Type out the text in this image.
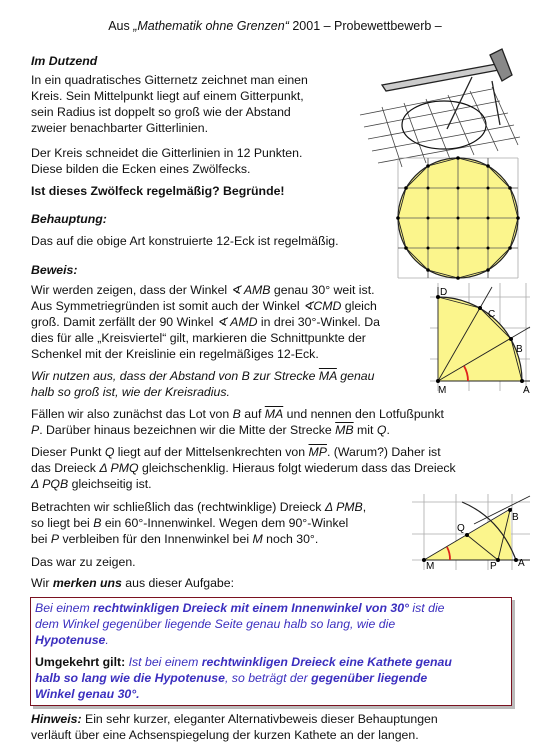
Aus „Mathematik ohne Grenzen“ 2001 – Probewettbewerb –
Im Dutzend
In ein quadratisches Gitternetz zeichnet man einen
Kreis. Sein Mittelpunkt liegt auf einem Gitterpunkt,
sein Radius ist doppelt so groß wie der Abstand
zweier benachbarter Gitterlinien.
Der Kreis schneidet die Gitterlinien in 12 Punkten.
Diese bilden die Ecken eines Zwölfecks.
Ist dieses Zwölfeck regelmäßig? Begründe!
Behauptung:
Das auf die obige Art konstruierte 12-Eck ist regelmäßig.
Beweis:
Wir werden zeigen, dass der Winkel ∢ AMB genau 30° weit ist.
Aus Symmetriegründen ist somit auch der Winkel ∢CMD gleich
groß. Damit zerfällt der 90 Winkel ∢ AMD in drei 30°-Winkel. Da
dies für alle „Kreisviertel“ gilt, markieren die Schnittpunkte der
Schenkel mit der Kreislinie ein regelmäßiges 12-Eck.
Wir nutzen aus, dass der Abstand von B zur Strecke $\overline{MA}$ genau
halb so groß ist, wie der Kreisradius.
Fällen wir also zunächst das Lot von B auf $\overline{MA}$ und nennen den Lotfußpunkt
P. Darüber hinaus bezeichnen wir die Mitte der Strecke $\overline{MB}$ mit Q.
Dieser Punkt Q liegt auf der Mittelsenkrechten von $\overline{MP}$. (Warum?) Daher ist
das Dreieck Δ PMQ gleichschenklig. Hieraus folgt wiederum dass das Dreieck
Δ PQB gleichseitig ist.
Betrachten wir schließlich das (rechtwinklige) Dreieck Δ PMB,
so liegt bei B ein 60°-Innenwinkel. Wegen dem 90°-Winkel
bei P verbleiben für den Innenwinkel bei M noch 30°.
Das war zu zeigen.
Wir merken uns aus dieser Aufgabe:

Bei einem rechtwinkligen Dreieck mit einem Innenwinkel von 30° ist die

dem Winkel gegenüber liegende Seite genau halb so lang, wie die

Hypotenuse.

Umgekehrt gilt: Ist bei einem rechtwinkligen Dreieck eine Kathete genau

halb so lang wie die Hypotenuse, so beträgt der gegenüber liegende

Winkel genau 30°.

Hinweis: Ein sehr kurzer, eleganter Alternativbeweis dieser Behauptungen
verläuft über eine Achsenspiegelung der kurzen Kathete an der langen.
D
C
B
M	A
Q
B
M	P A
